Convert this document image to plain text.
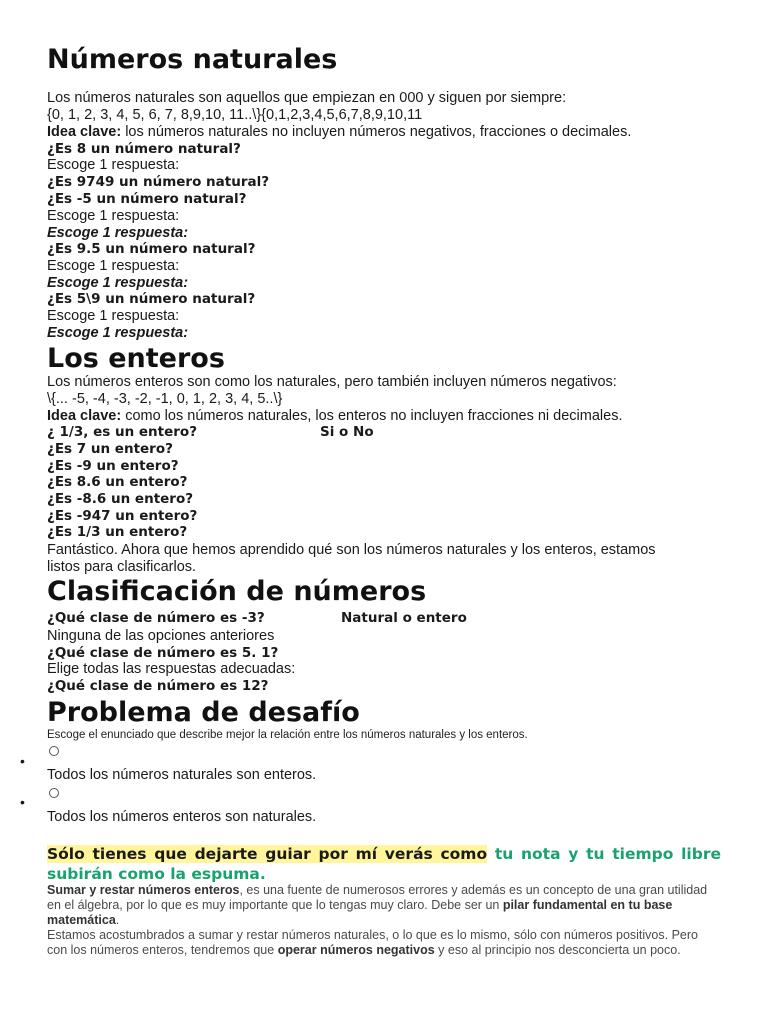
Números naturales
Los números naturales son aquellos que empiezan en 000 y siguen por siempre:
{0, 1, 2, 3, 4, 5, 6, 7, 8,9,10, 11..\}{0,1,2,3,4,5,6,7,8,9,10,11
Idea clave: los números naturales no incluyen números negativos, fracciones o decimales.
¿Es 8 un número natural?
Escoge 1 respuesta:
¿Es 9749 un número natural?
¿Es -5 un número natural?
Escoge 1 respuesta:
Escoge 1 respuesta:
¿Es 9.5 un número natural?
Escoge 1 respuesta:
Escoge 1 respuesta:
¿Es 5\9 un número natural?
Escoge 1 respuesta:
Escoge 1 respuesta:
Los enteros
Los números enteros son como los naturales, pero también incluyen números negativos:
\{... -5, -4, -3, -2, -1, 0, 1, 2, 3, 4, 5..\}
Idea clave: como los números naturales, los enteros no incluyen fracciones ni decimales.
¿ 1/3, es un entero?	Si o No
¿Es 7 un entero?
¿Es -9 un entero?
¿Es 8.6 un entero?
¿Es -8.6 un entero?
¿Es -947 un entero?
¿Es 1/3 un entero?
Fantástico. Ahora que hemos aprendido qué son los números naturales y los enteros, estamos
listos para clasificarlos.
Clasificación de números
¿Qué clase de número es -3?	Natural o entero
Ninguna de las opciones anteriores
¿Qué clase de número es 5. 1?
Elige todas las respuestas adecuadas:
¿Qué clase de número es 12?
Problema de desafío
Escoge el enunciado que describe mejor la relación entre los números naturales y los enteros.
•
Todos los números naturales son enteros.
•
Todos los números enteros son naturales.
Sólo tienes que dejarte guiar por mí verás como tu nota y tu tiempo libre subirán como la espuma.
Sumar y restar números enteros, es una fuente de numerosos errores y además es un concepto de una gran utilidad en el álgebra, por lo que es muy importante que lo tengas muy claro. Debe ser un pilar fundamental en tu base matemática.
Estamos acostumbrados a sumar y restar números naturales, o lo que es lo mismo, sólo con números positivos. Pero con los números enteros, tendremos que operar números negativos y eso al principio nos desconcierta un poco.
